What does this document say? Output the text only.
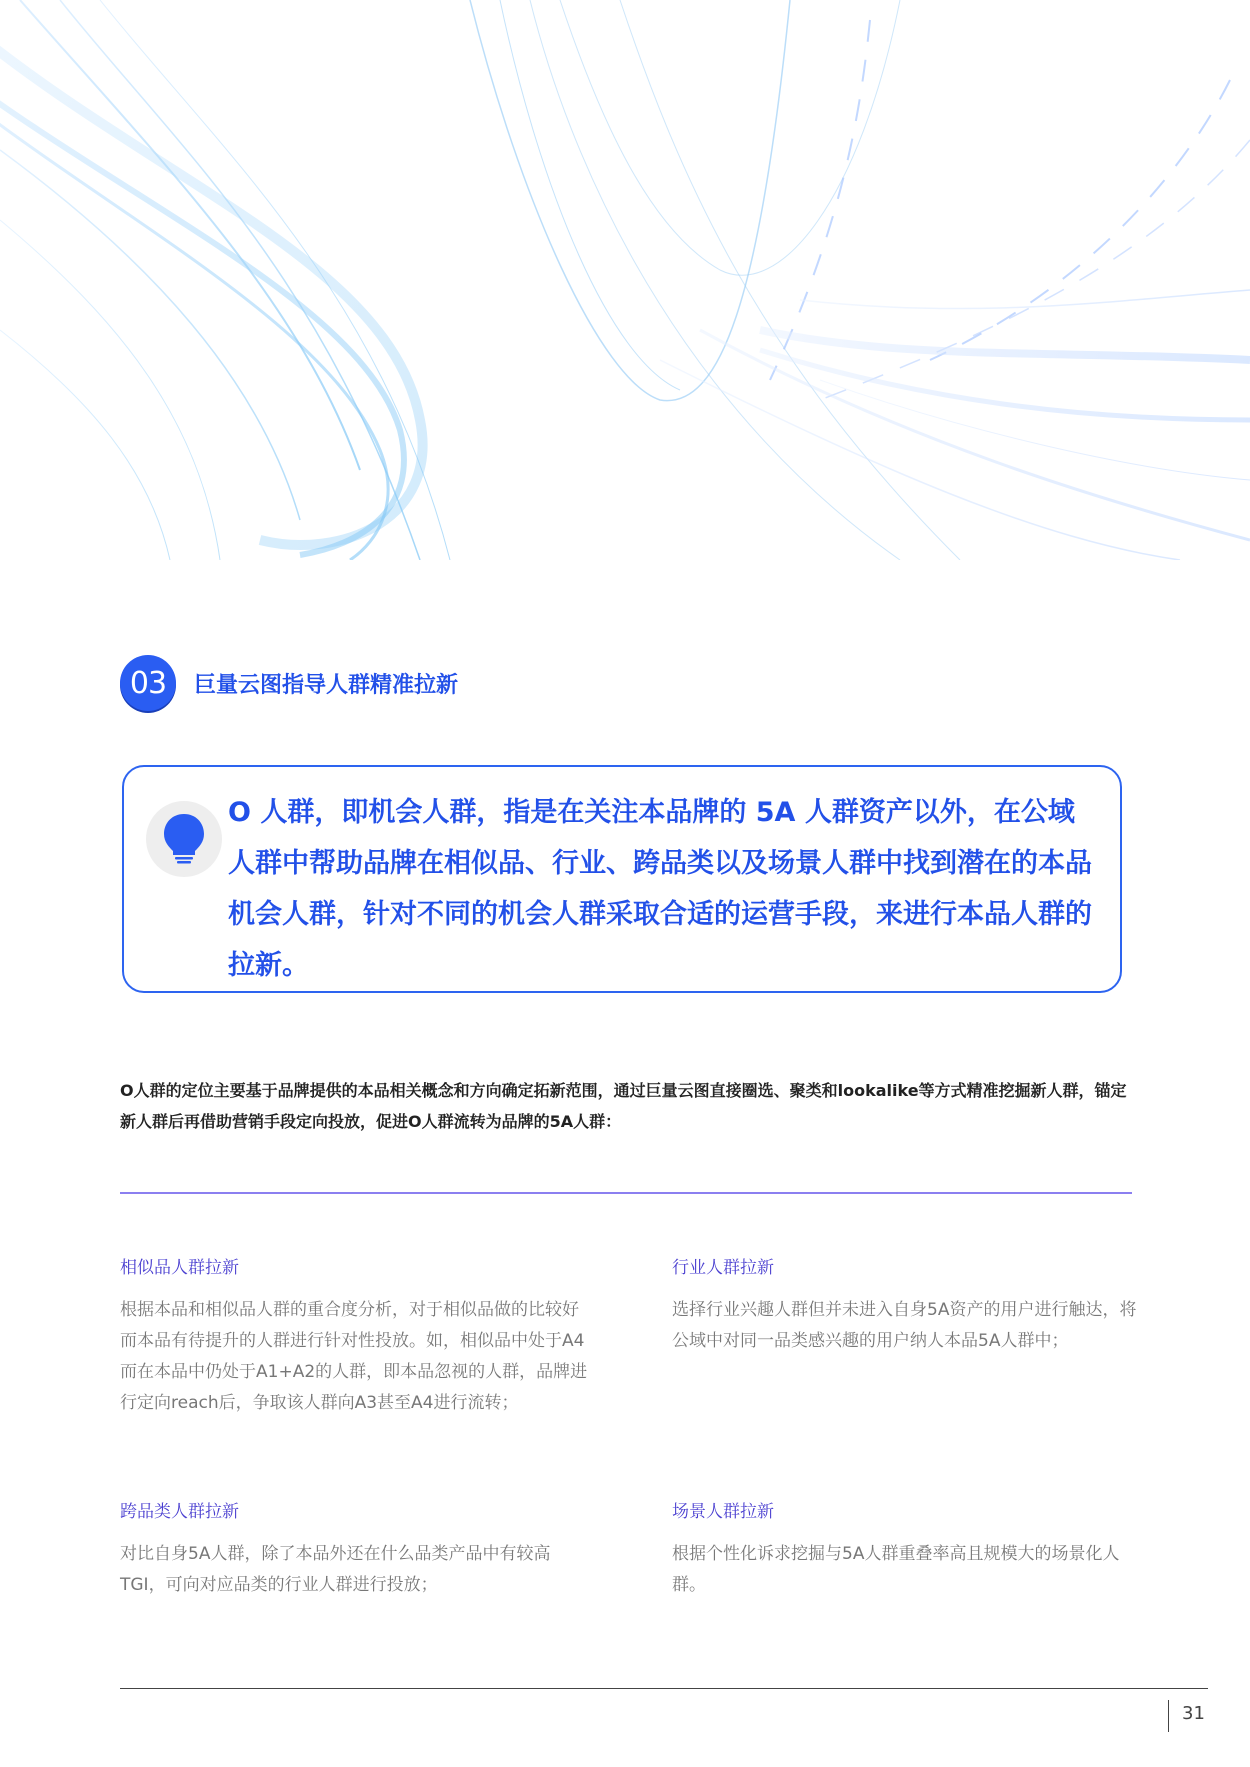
03	巨量云图指导人群精准拉新
O 人群，即机会人群，指是在关注本品牌的 5A 人群资产以外，在公域人群中帮助品牌在相似品、行业、跨品类以及场景人群中找到潜在的本品机会人群，针对不同的机会人群采取合适的运营手段，来进行本品人群的拉新。
O人群的定位主要基于品牌提供的本品相关概念和方向确定拓新范围，通过巨量云图直接圈选、聚类和lookalike等方式精准挖掘新人群，锚定新人群后再借助营销手段定向投放，促进O人群流转为品牌的5A人群：
相似品人群拉新
根据本品和相似品人群的重合度分析，对于相似品做的比较好而本品有待提升的人群进行针对性投放。如，相似品中处于A4而在本品中仍处于A1+A2的人群，即本品忽视的人群，品牌进行定向reach后，争取该人群向A3甚至A4进行流转；
行业人群拉新
选择行业兴趣人群但并未进入自身5A资产的用户进行触达，将公域中对同一品类感兴趣的用户纳人本品5A人群中；
跨品类人群拉新
对比自身5A人群，除了本品外还在什么品类产品中有较高TGI，可向对应品类的行业人群进行投放；
场景人群拉新
根据个性化诉求挖掘与5A人群重叠率高且规模大的场景化人群。
31
